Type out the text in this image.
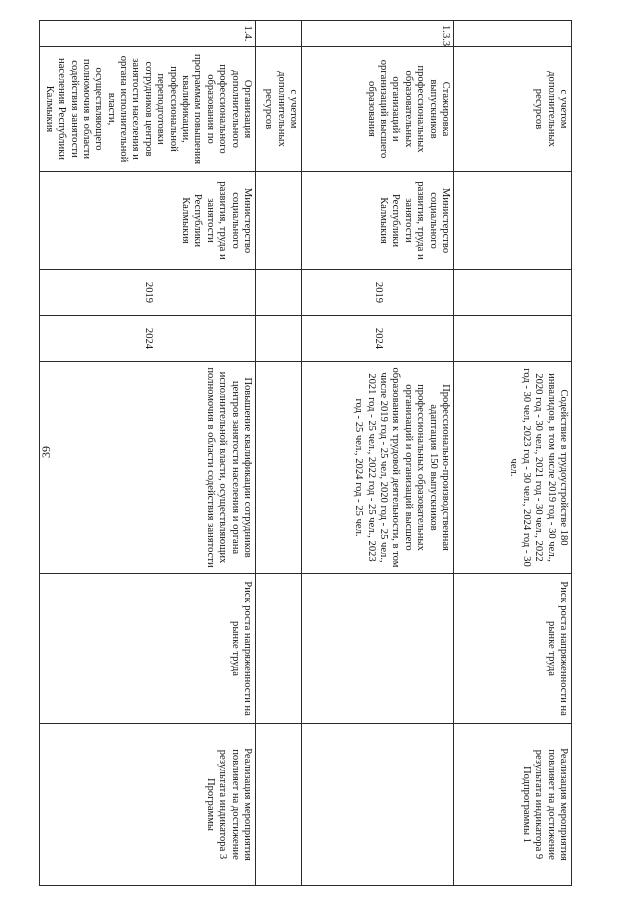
39
	с учетом дополнительных ресурсов				Содействие в трудоустройстве 180 инвалидов, в том числе 2019 год - 30 чел., 2020 год - 30 чел., 2021 год - 30 чел., 2022 год - 30 чел, 2023 год - 30 чел., 2024 год - 30 чел.	Риск роста напряженности на рынке труда	Реализация мероприятия повлияет на достижение результата индикатора 9 Подпрограммы 1
1.3.3	Стажировка выпускников профессиональных образовательных организаций и организаций высшего образования	Министерство социального развития, труда и занятости Республики Калмыкия	2019	2024	Профессионально-производственная адаптация 150 выпускников профессиональных образовательных организаций и организаций высшего образования к трудовой деятельности, в том числе 2019 год - 25 чел, 2020 год - 25 чел., 2021 год - 25 чел., 2022 год - 25 чел., 2023 год - 25 чел., 2024 год - 25 чел.		
	с учетом дополнительных ресурсов						
1.4.	Организация дополнительного профессионального образования по программам повышения квалификации, профессиональной переподготовки сотрудников центров занятости населения и органа исполнительной власти, осуществляющего полномочия в области содействия занятости населения Республики Калмыкия	Министерство социального развития, труда и занятости Республики Калмыкия	2019	2024	Повышение квалификации сотрудников центров занятости населения и органа исполнительной власти, осуществляющих полномочия в области содействия занятости	Риск роста напряженности на рынке труда	Реализация мероприятия повлияет на достижение результата индикатора 3 Программы
